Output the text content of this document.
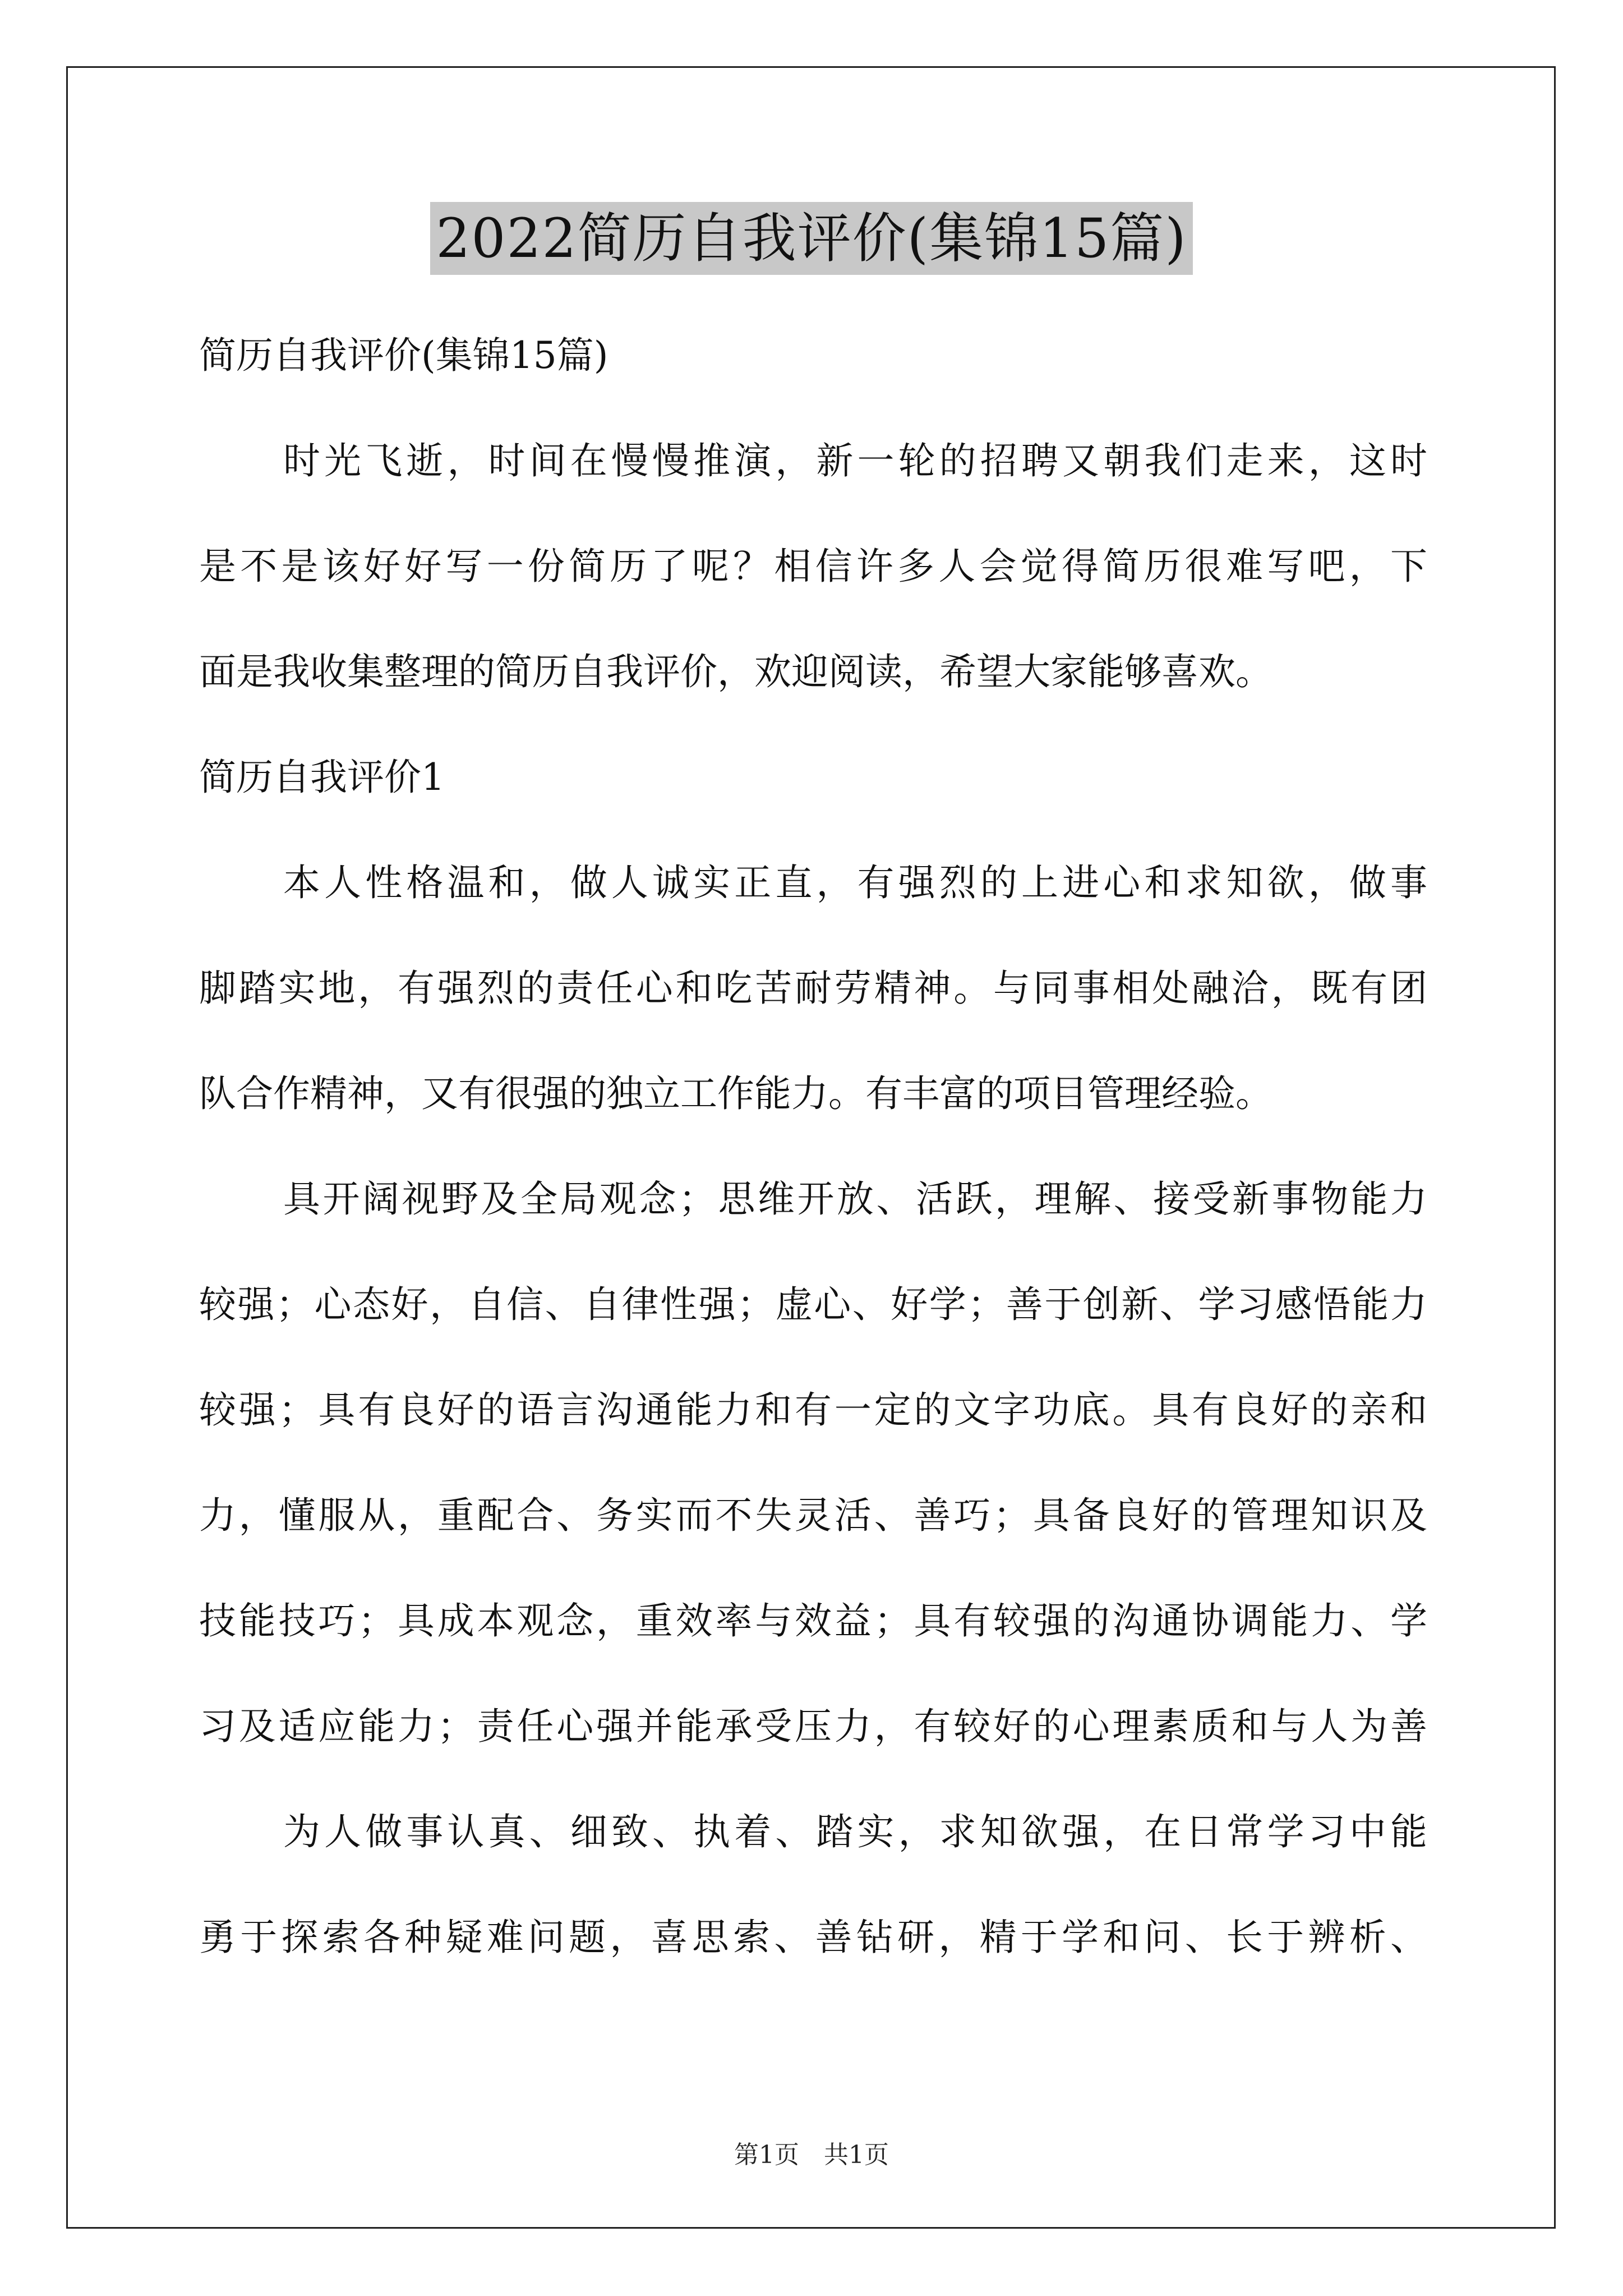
2022简历自我评价(集锦15篇)
简历自我评价(集锦15篇)
时光飞逝，时间在慢慢推演，新一轮的招聘又朝我们走来，这时
是不是该好好写一份简历了呢？相信许多人会觉得简历很难写吧，下
面是我收集整理的简历自我评价，欢迎阅读，希望大家能够喜欢。
简历自我评价1
本人性格温和，做人诚实正直，有强烈的上进心和求知欲，做事
脚踏实地，有强烈的责任心和吃苦耐劳精神。与同事相处融洽，既有团
队合作精神，又有很强的独立工作能力。有丰富的项目管理经验。
具开阔视野及全局观念；思维开放、活跃，理解、接受新事物能力
较强；心态好，自信、自律性强；虚心、好学；善于创新、学习感悟能力
较强；具有良好的语言沟通能力和有一定的文字功底。具有良好的亲和
力，懂服从，重配合、务实而不失灵活、善巧；具备良好的管理知识及
技能技巧；具成本观念，重效率与效益；具有较强的沟通协调能力、学
习及适应能力；责任心强并能承受压力，有较好的心理素质和与人为善
为人做事认真、细致、执着、踏实，求知欲强，在日常学习中能
勇于探索各种疑难问题，喜思索、善钻研，精于学和问、长于辨析、
第1页　共1页
